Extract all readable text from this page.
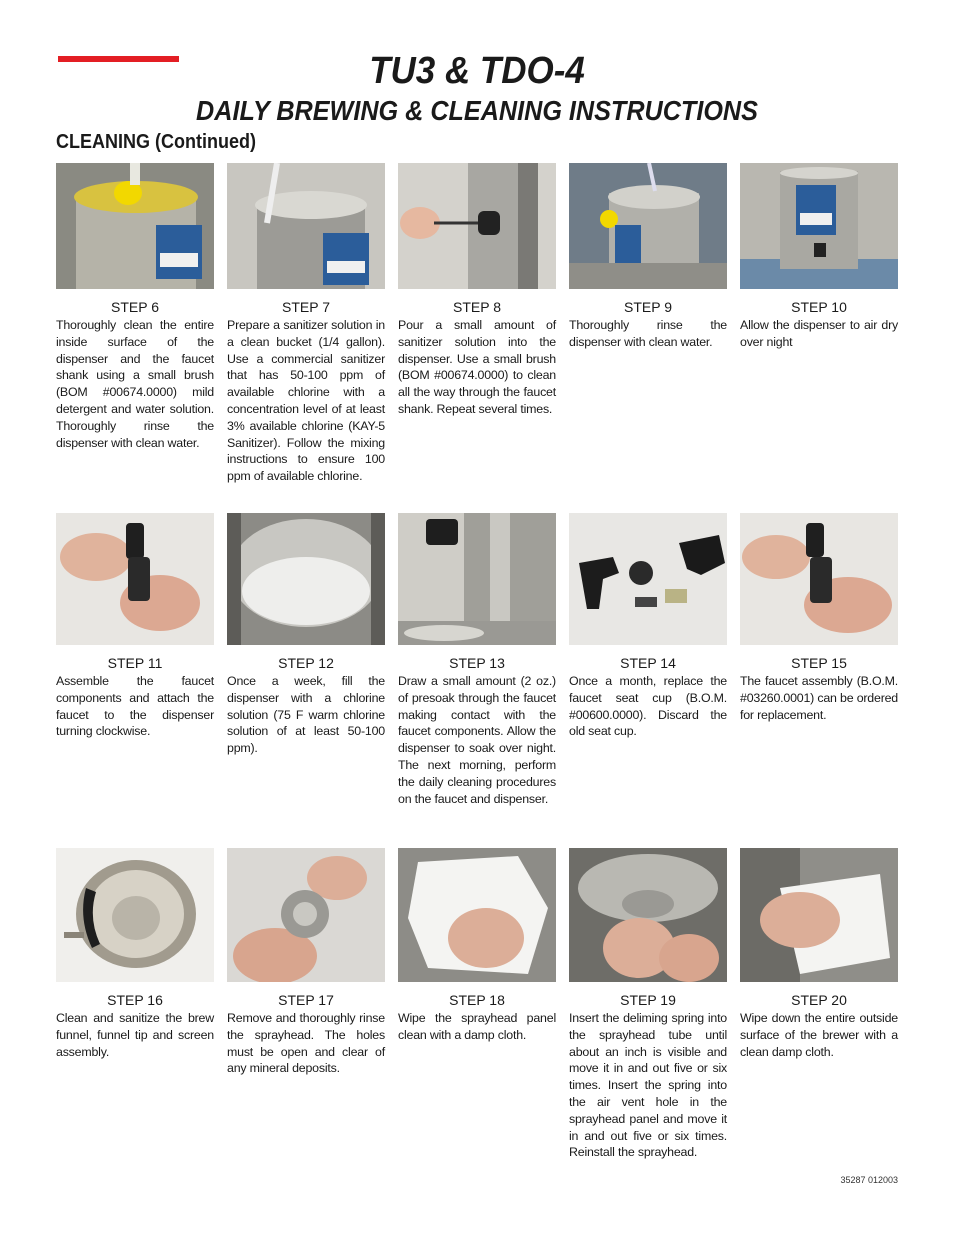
TU3 & TDO-4
DAILY BREWING & CLEANING INSTRUCTIONS
CLEANING (Continued)
STEP 6
Thoroughly clean the entire inside surface of the dispenser and the faucet shank using a small brush (BOM #00674.0000) mild detergent and water solution. Thoroughly rinse the dispenser with clean water.
STEP 7
Prepare a sanitizer solution in a clean bucket (1/4 gallon). Use a commercial sanitizer that has 50-100 ppm of available chlorine with a concentration level of at least 3% available chlorine (KAY-5 Sanitizer). Follow the mixing instructions to ensure 100 ppm of available chlorine.
STEP 8
Pour a small amount of sanitizer solution into the dispenser. Use a small brush (BOM #00674.0000) to clean all the way through the faucet shank. Repeat several times.
STEP 9
Thoroughly rinse the dispenser with clean water.
STEP 10
Allow the dispenser to air dry over night
STEP 11
Assemble the faucet components and attach the faucet to the dispenser turning clockwise.
STEP 12
Once a week, fill the dispenser with a chlorine solution (75 F warm chlorine solution of at least 50-100 ppm).
STEP 13
Draw a small amount (2 oz.) of presoak through the faucet making contact with the faucet components. Allow the dispenser to soak over night. The next morning, perform the daily cleaning procedures on the faucet and dispenser.
STEP 14
Once a month, replace the faucet seat cup (B.O.M. #00600.0000). Discard the old seat cup.
STEP 15
The faucet assembly (B.O.M. #03260.0001) can be ordered for replacement.
STEP 16
Clean and sanitize the brew funnel, funnel tip and screen assembly.
STEP 17
Remove and thoroughly rinse the sprayhead. The holes must be open and clear of any mineral deposits.
STEP 18
Wipe the sprayhead panel clean with a damp cloth.
STEP 19
Insert the deliming spring into the sprayhead tube until about an inch is visible and move it in and out five or six times. Insert the spring into the air vent hole in the sprayhead panel and move it in and out five or six times. Reinstall the sprayhead.
STEP 20
Wipe down the entire outside surface of the brewer with a clean damp cloth.
35287 012003
